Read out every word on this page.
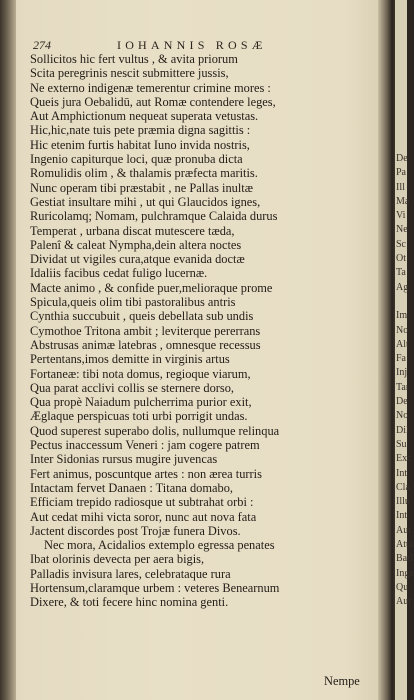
274	IOHANNIS ROSÆ
Sollicitos hic fert vultus , & avita priorum
Scita peregrinis nescit submittere jussis,
Ne externo indigenæ temerentur crimine mores :
Queis jura Oebalidū, aut Romæ contendere leges,
Aut Amphictionum nequeat superata vetustas.
Hic,hic,nate tuis pete præmia digna sagittis :
Hic etenim furtis habitat Iuno invida nostris,
Ingenio capiturque loci, quæ pronuba dicta
Romulidis olim , & thalamis præfecta maritis.
Nunc operam tibi præstabit , ne Pallas inultæ
Gestiat insultare mihi , ut qui Glaucidos ignes,
Ruricolamq; Nomam, pulchramque Calaida durus
Temperat , urbana discat mutescere tæda,
Palenî & caleat Nympha,dein altera noctes
Dividat ut vigiles cura,atque evanida doctæ
Idaliis facibus cedat fuligo lucernæ.
Macte animo , & confide puer,melioraque prome
Spicula,queis olim tibi pastoralibus antris
Cynthia succubuit , queis debellata sub undis
Cymothoe Tritona ambit ; leviterque pererrans
Abstrusas animæ latebras , omnesque recessus
Pertentans,imos demitte in virginis artus
Fortaneæ: tibi nota domus, regioque viarum,
Qua parat acclivi collis se sternere dorso,
Qua propè Naiadum pulcherrima purior exit,
Æglaque perspicuas toti urbi porrigit undas.
Quod superest superabo dolis, nullumque relinqua
Pectus inaccessum Veneri : jam cogere patrem
Inter Sidonias rursus mugire juvencas
Fert animus, poscuntque artes : non ærea turris
Intactam fervet Danaen : Titana domabo,
Efficiam trepido radiosque ut subtrahat orbi :
Aut cedat mihi victa soror, nunc aut nova fata
Jactent discordes post Trojæ funera Divos.
Nec mora, Acidalios extemplo egressa penates
Ibat olorinis devecta per aera bigis,
Palladis invisura lares, celebrataque rura
Hortensum,claramque urbem : veteres Benearnum
Dixere, & toti fecere hinc nomina genti.
Nempe
De
Pa
Ill
Ma
Vi
Ne
Sc
Ot
Ta
Ag

Im
No
Alt
Fa
Inj
Tar
De
No
Dil
Su
Exc
Int
Cla
Illu
Int
Aut
Atta
Barl
Inge
Qu
Aut
